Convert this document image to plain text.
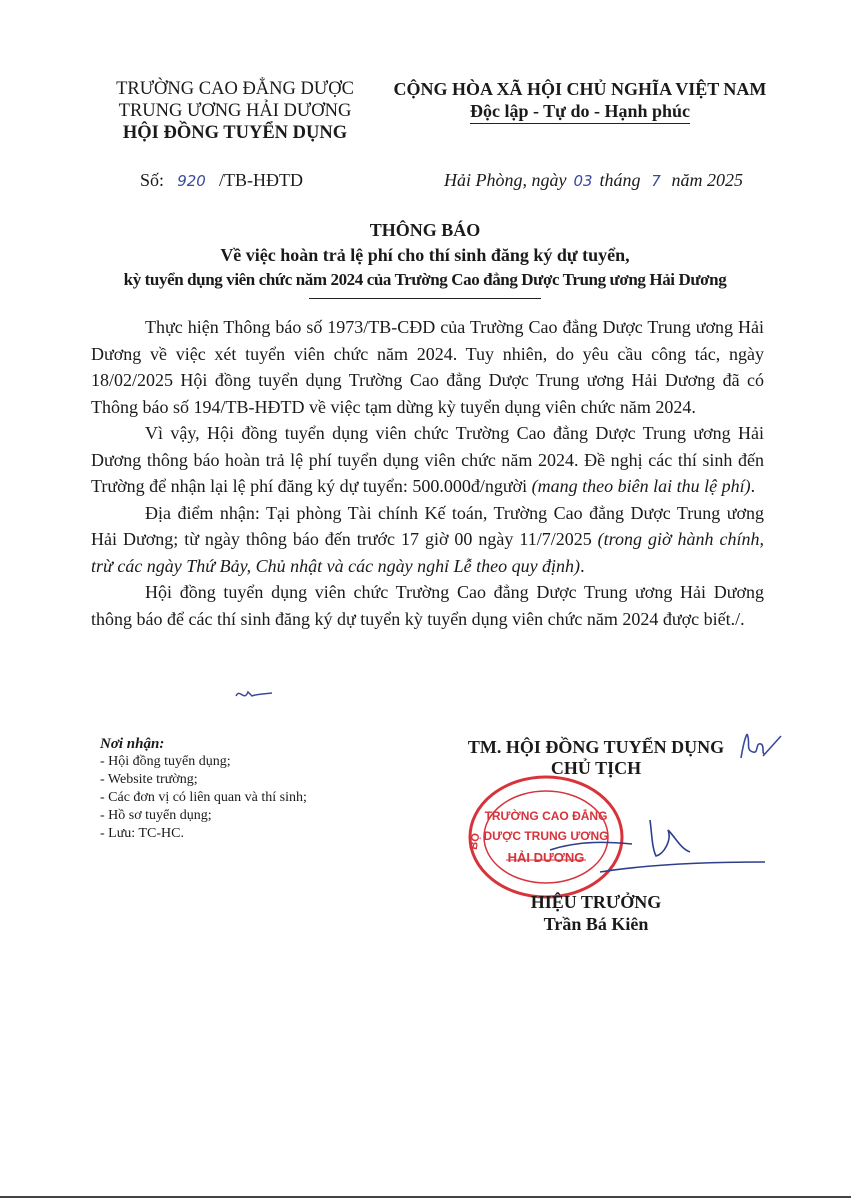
TRƯỜNG CAO ĐẲNG DƯỢC
TRUNG ƯƠNG HẢI DƯƠNG
HỘI ĐỒNG TUYỂN DỤNG
CỘNG HÒA XÃ HỘI CHỦ NGHĨA VIỆT NAM
Độc lập - Tự do - Hạnh phúc
Số: 920 /TB-HĐTD	Hải Phòng, ngày 03 tháng 7 năm 2025
THÔNG BÁO
Về việc hoàn trả lệ phí cho thí sinh đăng ký dự tuyển,
kỳ tuyển dụng viên chức năm 2024 của Trường Cao đẳng Dược Trung ương Hải Dương

Thực hiện Thông báo số 1973/TB-CĐD của Trường Cao đẳng Dược Trung ương Hải Dương về việc xét tuyển viên chức năm 2024. Tuy nhiên, do yêu cầu công tác, ngày 18/02/2025 Hội đồng tuyển dụng Trường Cao đẳng Dược Trung ương Hải Dương đã có Thông báo số 194/TB-HĐTD về việc tạm dừng kỳ tuyển dụng viên chức năm 2024.

Vì vậy, Hội đồng tuyển dụng viên chức Trường Cao đẳng Dược Trung ương Hải Dương thông báo hoàn trả lệ phí tuyển dụng viên chức năm 2024. Đề nghị các thí sinh đến Trường để nhận lại lệ phí đăng ký dự tuyển: 500.000đ/người (mang theo biên lai thu lệ phí).

Địa điểm nhận: Tại phòng Tài chính Kế toán, Trường Cao đẳng Dược Trung ương Hải Dương; từ ngày thông báo đến trước 17 giờ 00 ngày 11/7/2025 (trong giờ hành chính, trừ các ngày Thứ Bảy, Chủ nhật và các ngày nghỉ Lễ theo quy định).

Hội đồng tuyển dụng viên chức Trường Cao đẳng Dược Trung ương Hải Dương thông báo để các thí sinh đăng ký dự tuyển kỳ tuyển dụng viên chức năm 2024 được biết./.

Nơi nhận:
- Hội đồng tuyển dụng;
- Website trường;
- Các đơn vị có liên quan và thí sinh;
- Hồ sơ tuyển dụng;
- Lưu: TC-HC.
TM. HỘI ĐỒNG TUYỂN DỤNG
CHỦ TỊCH
TRƯỜNG CAO ĐẲNG
DƯỢC TRUNG ƯƠNG
HẢI DƯƠNG
BỘ
HIỆU TRƯỞNG
Trần Bá Kiên
